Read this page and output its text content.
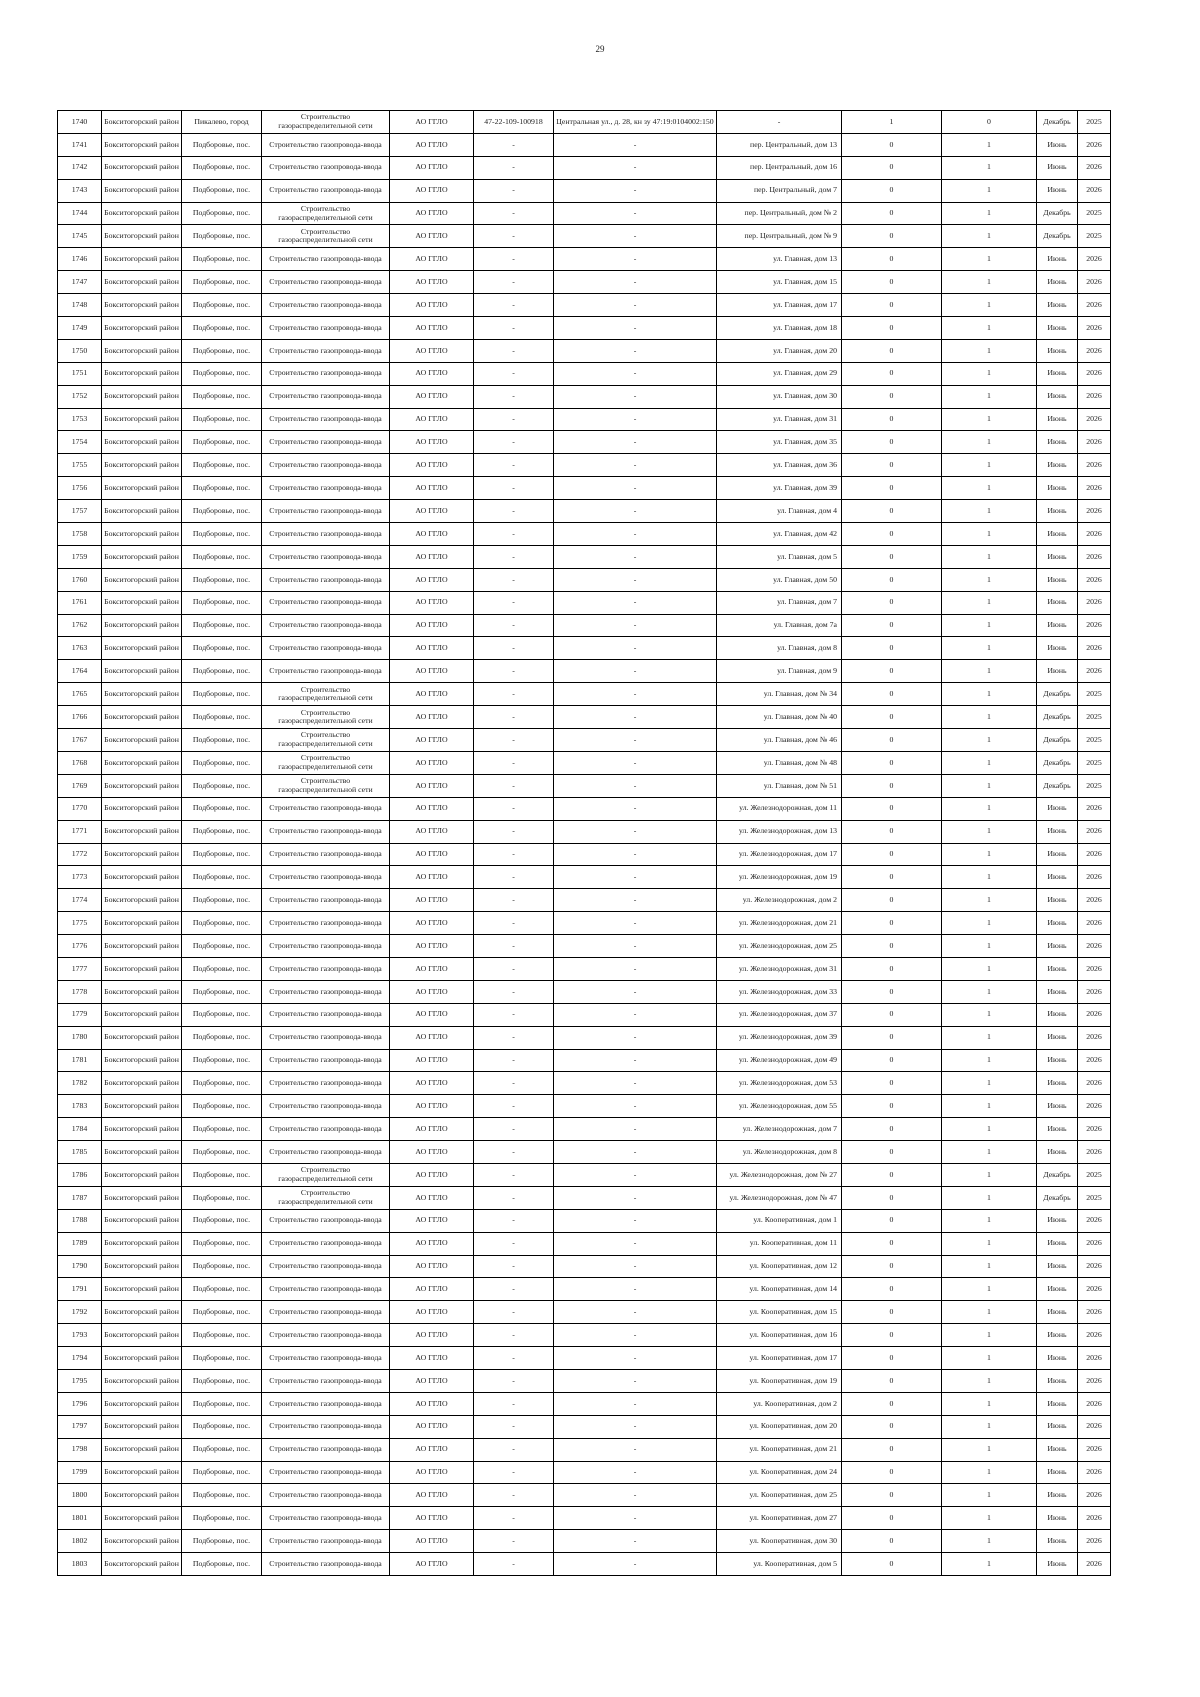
29
1740	Бокситогорский район	Пикалево, город	Строительство газораспределительной сети	АО ГГЛО	47-22-109-100918	Центральная ул., д. 28, кн зу 47:19:0104002:150	-	1	0	Декабрь	2025
1741	Бокситогорский район	Подборовье, пос.	Строительство газопровода-ввода	АО ГГЛО	-	-	пер. Центральный, дом 13	0	1	Июнь	2026
1742	Бокситогорский район	Подборовье, пос.	Строительство газопровода-ввода	АО ГГЛО	-	-	пер. Центральный, дом 16	0	1	Июнь	2026
1743	Бокситогорский район	Подборовье, пос.	Строительство газопровода-ввода	АО ГГЛО	-	-	пер. Центральный, дом 7	0	1	Июнь	2026
1744	Бокситогорский район	Подборовье, пос.	Строительство газораспределительной сети	АО ГГЛО	-	-	пер. Центральный, дом № 2	0	1	Декабрь	2025
1745	Бокситогорский район	Подборовье, пос.	Строительство газораспределительной сети	АО ГГЛО	-	-	пер. Центральный, дом № 9	0	1	Декабрь	2025
1746	Бокситогорский район	Подборовье, пос.	Строительство газопровода-ввода	АО ГГЛО	-	-	ул. Главная, дом 13	0	1	Июнь	2026
1747	Бокситогорский район	Подборовье, пос.	Строительство газопровода-ввода	АО ГГЛО	-	-	ул. Главная, дом 15	0	1	Июнь	2026
1748	Бокситогорский район	Подборовье, пос.	Строительство газопровода-ввода	АО ГГЛО	-	-	ул. Главная, дом 17	0	1	Июнь	2026
1749	Бокситогорский район	Подборовье, пос.	Строительство газопровода-ввода	АО ГГЛО	-	-	ул. Главная, дом 18	0	1	Июнь	2026
1750	Бокситогорский район	Подборовье, пос.	Строительство газопровода-ввода	АО ГГЛО	-	-	ул. Главная, дом 20	0	1	Июнь	2026
1751	Бокситогорский район	Подборовье, пос.	Строительство газопровода-ввода	АО ГГЛО	-	-	ул. Главная, дом 29	0	1	Июнь	2026
1752	Бокситогорский район	Подборовье, пос.	Строительство газопровода-ввода	АО ГГЛО	-	-	ул. Главная, дом 30	0	1	Июнь	2026
1753	Бокситогорский район	Подборовье, пос.	Строительство газопровода-ввода	АО ГГЛО	-	-	ул. Главная, дом 31	0	1	Июнь	2026
1754	Бокситогорский район	Подборовье, пос.	Строительство газопровода-ввода	АО ГГЛО	-	-	ул. Главная, дом 35	0	1	Июнь	2026
1755	Бокситогорский район	Подборовье, пос.	Строительство газопровода-ввода	АО ГГЛО	-	-	ул. Главная, дом 36	0	1	Июнь	2026
1756	Бокситогорский район	Подборовье, пос.	Строительство газопровода-ввода	АО ГГЛО	-	-	ул. Главная, дом 39	0	1	Июнь	2026
1757	Бокситогорский район	Подборовье, пос.	Строительство газопровода-ввода	АО ГГЛО	-	-	ул. Главная, дом 4	0	1	Июнь	2026
1758	Бокситогорский район	Подборовье, пос.	Строительство газопровода-ввода	АО ГГЛО	-	-	ул. Главная, дом 42	0	1	Июнь	2026
1759	Бокситогорский район	Подборовье, пос.	Строительство газопровода-ввода	АО ГГЛО	-	-	ул. Главная, дом 5	0	1	Июнь	2026
1760	Бокситогорский район	Подборовье, пос.	Строительство газопровода-ввода	АО ГГЛО	-	-	ул. Главная, дом 50	0	1	Июнь	2026
1761	Бокситогорский район	Подборовье, пос.	Строительство газопровода-ввода	АО ГГЛО	-	-	ул. Главная, дом 7	0	1	Июнь	2026
1762	Бокситогорский район	Подборовье, пос.	Строительство газопровода-ввода	АО ГГЛО	-	-	ул. Главная, дом 7а	0	1	Июнь	2026
1763	Бокситогорский район	Подборовье, пос.	Строительство газопровода-ввода	АО ГГЛО	-	-	ул. Главная, дом 8	0	1	Июнь	2026
1764	Бокситогорский район	Подборовье, пос.	Строительство газопровода-ввода	АО ГГЛО	-	-	ул. Главная, дом 9	0	1	Июнь	2026
1765	Бокситогорский район	Подборовье, пос.	Строительство газораспределительной сети	АО ГГЛО	-	-	ул. Главная, дом № 34	0	1	Декабрь	2025
1766	Бокситогорский район	Подборовье, пос.	Строительство газораспределительной сети	АО ГГЛО	-	-	ул. Главная, дом № 40	0	1	Декабрь	2025
1767	Бокситогорский район	Подборовье, пос.	Строительство газораспределительной сети	АО ГГЛО	-	-	ул. Главная, дом № 46	0	1	Декабрь	2025
1768	Бокситогорский район	Подборовье, пос.	Строительство газораспределительной сети	АО ГГЛО	-	-	ул. Главная, дом № 48	0	1	Декабрь	2025
1769	Бокситогорский район	Подборовье, пос.	Строительство газораспределительной сети	АО ГГЛО	-	-	ул. Главная, дом № 51	0	1	Декабрь	2025
1770	Бокситогорский район	Подборовье, пос.	Строительство газопровода-ввода	АО ГГЛО	-	-	ул. Железнодорожная, дом 11	0	1	Июнь	2026
1771	Бокситогорский район	Подборовье, пос.	Строительство газопровода-ввода	АО ГГЛО	-	-	ул. Железнодорожная, дом 13	0	1	Июнь	2026
1772	Бокситогорский район	Подборовье, пос.	Строительство газопровода-ввода	АО ГГЛО	-	-	ул. Железнодорожная, дом 17	0	1	Июнь	2026
1773	Бокситогорский район	Подборовье, пос.	Строительство газопровода-ввода	АО ГГЛО	-	-	ул. Железнодорожная, дом 19	0	1	Июнь	2026
1774	Бокситогорский район	Подборовье, пос.	Строительство газопровода-ввода	АО ГГЛО	-	-	ул. Железнодорожная, дом 2	0	1	Июнь	2026
1775	Бокситогорский район	Подборовье, пос.	Строительство газопровода-ввода	АО ГГЛО	-	-	ул. Железнодорожная, дом 21	0	1	Июнь	2026
1776	Бокситогорский район	Подборовье, пос.	Строительство газопровода-ввода	АО ГГЛО	-	-	ул. Железнодорожная, дом 25	0	1	Июнь	2026
1777	Бокситогорский район	Подборовье, пос.	Строительство газопровода-ввода	АО ГГЛО	-	-	ул. Железнодорожная, дом 31	0	1	Июнь	2026
1778	Бокситогорский район	Подборовье, пос.	Строительство газопровода-ввода	АО ГГЛО	-	-	ул. Железнодорожная, дом 33	0	1	Июнь	2026
1779	Бокситогорский район	Подборовье, пос.	Строительство газопровода-ввода	АО ГГЛО	-	-	ул. Железнодорожная, дом 37	0	1	Июнь	2026
1780	Бокситогорский район	Подборовье, пос.	Строительство газопровода-ввода	АО ГГЛО	-	-	ул. Железнодорожная, дом 39	0	1	Июнь	2026
1781	Бокситогорский район	Подборовье, пос.	Строительство газопровода-ввода	АО ГГЛО	-	-	ул. Железнодорожная, дом 49	0	1	Июнь	2026
1782	Бокситогорский район	Подборовье, пос.	Строительство газопровода-ввода	АО ГГЛО	-	-	ул. Железнодорожная, дом 53	0	1	Июнь	2026
1783	Бокситогорский район	Подборовье, пос.	Строительство газопровода-ввода	АО ГГЛО	-	-	ул. Железнодорожная, дом 55	0	1	Июнь	2026
1784	Бокситогорский район	Подборовье, пос.	Строительство газопровода-ввода	АО ГГЛО	-	-	ул. Железнодорожная, дом 7	0	1	Июнь	2026
1785	Бокситогорский район	Подборовье, пос.	Строительство газопровода-ввода	АО ГГЛО	-	-	ул. Железнодорожная, дом 8	0	1	Июнь	2026
1786	Бокситогорский район	Подборовье, пос.	Строительство газораспределительной сети	АО ГГЛО	-	-	ул. Железнодорожная, дом № 27	0	1	Декабрь	2025
1787	Бокситогорский район	Подборовье, пос.	Строительство газораспределительной сети	АО ГГЛО	-	-	ул. Железнодорожная, дом № 47	0	1	Декабрь	2025
1788	Бокситогорский район	Подборовье, пос.	Строительство газопровода-ввода	АО ГГЛО	-	-	ул. Кооперативная, дом 1	0	1	Июнь	2026
1789	Бокситогорский район	Подборовье, пос.	Строительство газопровода-ввода	АО ГГЛО	-	-	ул. Кооперативная, дом 11	0	1	Июнь	2026
1790	Бокситогорский район	Подборовье, пос.	Строительство газопровода-ввода	АО ГГЛО	-	-	ул. Кооперативная, дом 12	0	1	Июнь	2026
1791	Бокситогорский район	Подборовье, пос.	Строительство газопровода-ввода	АО ГГЛО	-	-	ул. Кооперативная, дом 14	0	1	Июнь	2026
1792	Бокситогорский район	Подборовье, пос.	Строительство газопровода-ввода	АО ГГЛО	-	-	ул. Кооперативная, дом 15	0	1	Июнь	2026
1793	Бокситогорский район	Подборовье, пос.	Строительство газопровода-ввода	АО ГГЛО	-	-	ул. Кооперативная, дом 16	0	1	Июнь	2026
1794	Бокситогорский район	Подборовье, пос.	Строительство газопровода-ввода	АО ГГЛО	-	-	ул. Кооперативная, дом 17	0	1	Июнь	2026
1795	Бокситогорский район	Подборовье, пос.	Строительство газопровода-ввода	АО ГГЛО	-	-	ул. Кооперативная, дом 19	0	1	Июнь	2026
1796	Бокситогорский район	Подборовье, пос.	Строительство газопровода-ввода	АО ГГЛО	-	-	ул. Кооперативная, дом 2	0	1	Июнь	2026
1797	Бокситогорский район	Подборовье, пос.	Строительство газопровода-ввода	АО ГГЛО	-	-	ул. Кооперативная, дом 20	0	1	Июнь	2026
1798	Бокситогорский район	Подборовье, пос.	Строительство газопровода-ввода	АО ГГЛО	-	-	ул. Кооперативная, дом 21	0	1	Июнь	2026
1799	Бокситогорский район	Подборовье, пос.	Строительство газопровода-ввода	АО ГГЛО	-	-	ул. Кооперативная, дом 24	0	1	Июнь	2026
1800	Бокситогорский район	Подборовье, пос.	Строительство газопровода-ввода	АО ГГЛО	-	-	ул. Кооперативная, дом 25	0	1	Июнь	2026
1801	Бокситогорский район	Подборовье, пос.	Строительство газопровода-ввода	АО ГГЛО	-	-	ул. Кооперативная, дом 27	0	1	Июнь	2026
1802	Бокситогорский район	Подборовье, пос.	Строительство газопровода-ввода	АО ГГЛО	-	-	ул. Кооперативная, дом 30	0	1	Июнь	2026
1803	Бокситогорский район	Подборовье, пос.	Строительство газопровода-ввода	АО ГГЛО	-	-	ул. Кооперативная, дом 5	0	1	Июнь	2026
